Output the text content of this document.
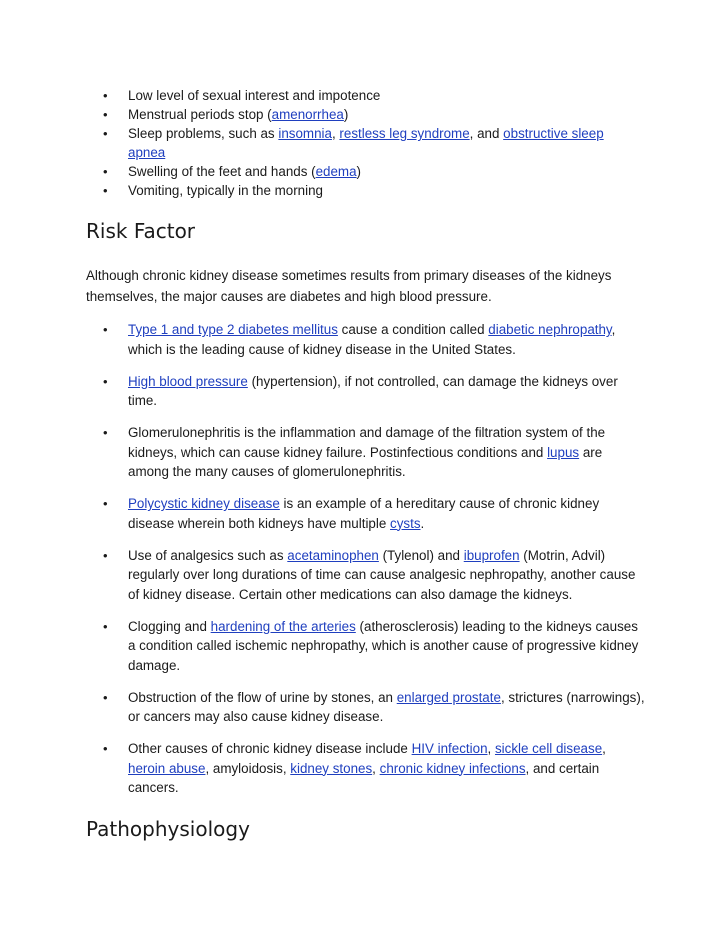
• Low level of sexual interest and impotence
• Menstrual periods stop (amenorrhea)
• Sleep problems, such as insomnia, restless leg syndrome, and obstructive sleep apnea
• Swelling of the feet and hands (edema)
• Vomiting, typically in the morning
Risk Factor

Although chronic kidney disease sometimes results from primary diseases of the kidneys themselves, the major causes are diabetes and high blood pressure.

• Type 1 and type 2 diabetes mellitus cause a condition called diabetic nephropathy, which is the leading cause of kidney disease in the United States.
• High blood pressure (hypertension), if not controlled, can damage the kidneys over time.
• Glomerulonephritis is the inflammation and damage of the filtration system of the kidneys, which can cause kidney failure. Postinfectious conditions and lupus are among the many causes of glomerulonephritis.
• Polycystic kidney disease is an example of a hereditary cause of chronic kidney disease wherein both kidneys have multiple cysts.
• Use of analgesics such as acetaminophen (Tylenol) and ibuprofen (Motrin, Advil) regularly over long durations of time can cause analgesic nephropathy, another cause of kidney disease. Certain other medications can also damage the kidneys.
• Clogging and hardening of the arteries (atherosclerosis) leading to the kidneys causes a condition called ischemic nephropathy, which is another cause of progressive kidney damage.
• Obstruction of the flow of urine by stones, an enlarged prostate, strictures (narrowings), or cancers may also cause kidney disease.
• Other causes of chronic kidney disease include HIV infection, sickle cell disease, heroin abuse, amyloidosis, kidney stones, chronic kidney infections, and certain cancers.
Pathophysiology
